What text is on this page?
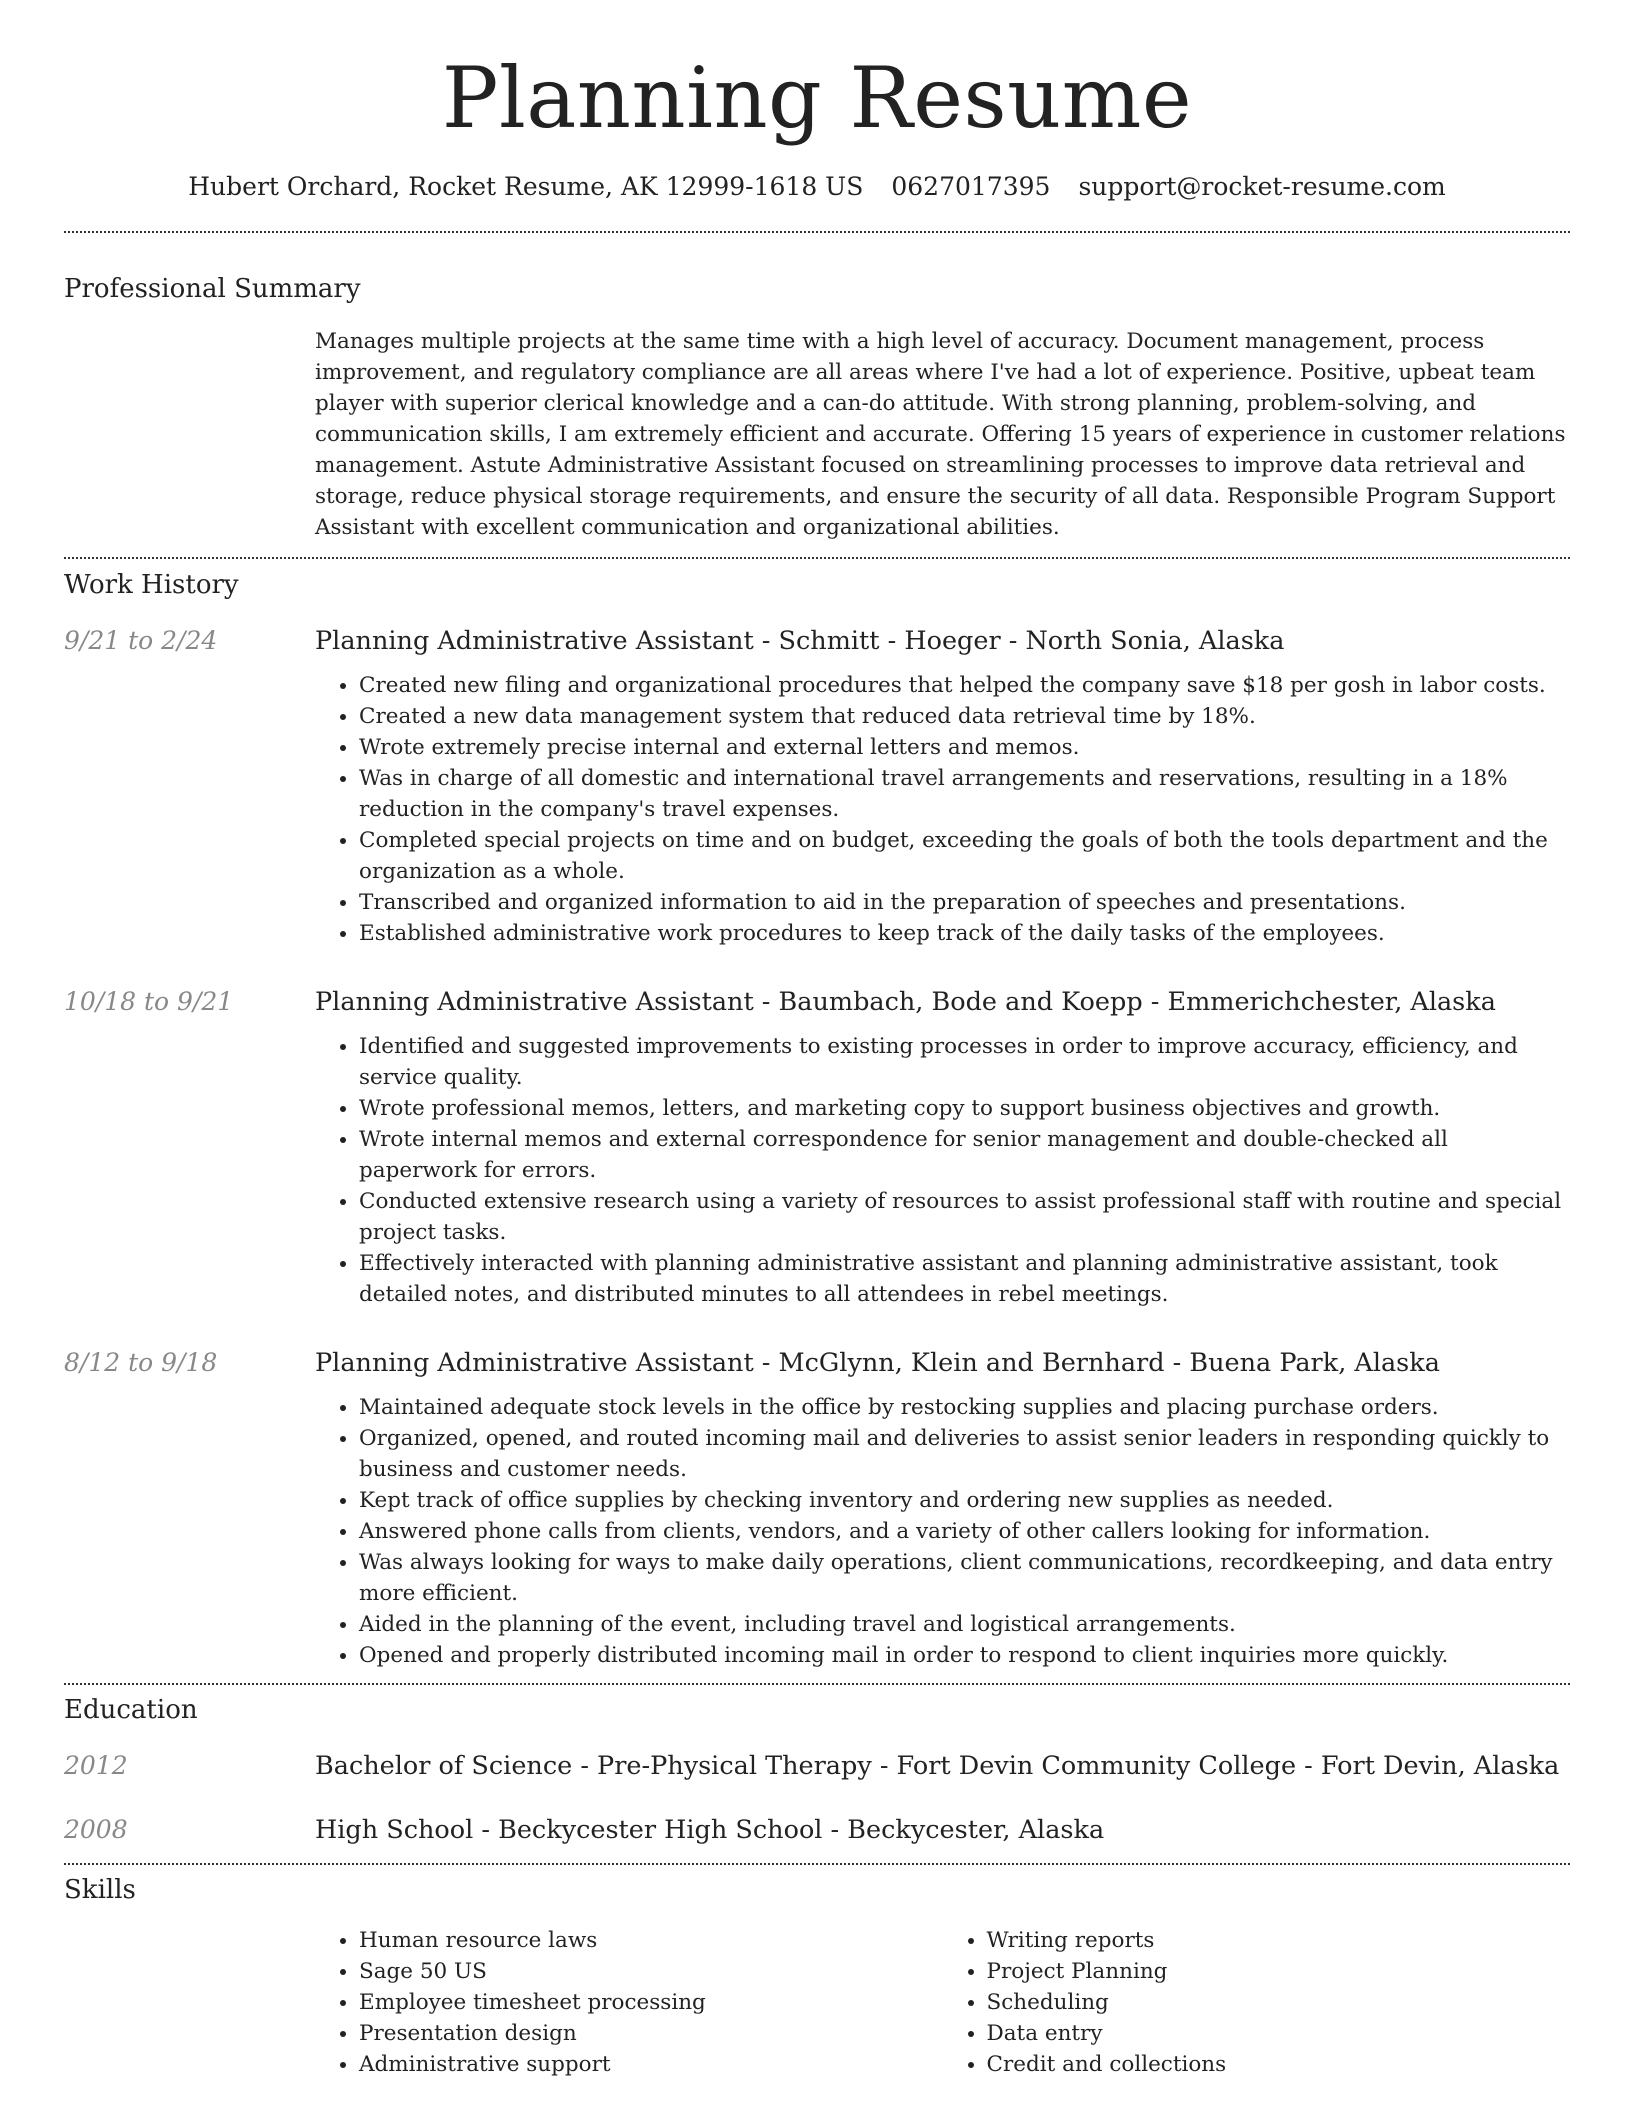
Planning Resume
Hubert Orchard, Rocket Resume, AK 12999-1618 US 0627017395 support@rocket-resume.com
Professional Summary
Manages multiple projects at the same time with a high level of accuracy. Document management, process improvement, and regulatory compliance are all areas where I've had a lot of experience. Positive, upbeat team player with superior clerical knowledge and a can-do attitude. With strong planning, problem-solving, and communication skills, I am extremely efficient and accurate. Offering 15 years of experience in customer relations management. Astute Administrative Assistant focused on streamlining processes to improve data retrieval and storage, reduce physical storage requirements, and ensure the security of all data. Responsible Program Support Assistant with excellent communication and organizational abilities.
Work History
9/21 to 2/24	Planning Administrative Assistant - Schmitt - Hoeger - North Sonia, Alaska
• Created new filing and organizational procedures that helped the company save $18 per gosh in labor costs.
• Created a new data management system that reduced data retrieval time by 18%.
• Wrote extremely precise internal and external letters and memos.
• Was in charge of all domestic and international travel arrangements and reservations, resulting in a 18% reduction in the company's travel expenses.
• Completed special projects on time and on budget, exceeding the goals of both the tools department and the organization as a whole.
• Transcribed and organized information to aid in the preparation of speeches and presentations.
• Established administrative work procedures to keep track of the daily tasks of the employees.
10/18 to 9/21	Planning Administrative Assistant - Baumbach, Bode and Koepp - Emmerichchester, Alaska
• Identified and suggested improvements to existing processes in order to improve accuracy, efficiency, and service quality.
• Wrote professional memos, letters, and marketing copy to support business objectives and growth.
• Wrote internal memos and external correspondence for senior management and double-checked all paperwork for errors.
• Conducted extensive research using a variety of resources to assist professional staff with routine and special project tasks.
• Effectively interacted with planning administrative assistant and planning administrative assistant, took detailed notes, and distributed minutes to all attendees in rebel meetings.
8/12 to 9/18	Planning Administrative Assistant - McGlynn, Klein and Bernhard - Buena Park, Alaska
• Maintained adequate stock levels in the office by restocking supplies and placing purchase orders.
• Organized, opened, and routed incoming mail and deliveries to assist senior leaders in responding quickly to business and customer needs.
• Kept track of office supplies by checking inventory and ordering new supplies as needed.
• Answered phone calls from clients, vendors, and a variety of other callers looking for information.
• Was always looking for ways to make daily operations, client communications, recordkeeping, and data entry more efficient.
• Aided in the planning of the event, including travel and logistical arrangements.
• Opened and properly distributed incoming mail in order to respond to client inquiries more quickly.
Education
2012	Bachelor of Science - Pre-Physical Therapy - Fort Devin Community College - Fort Devin, Alaska
2008	High School - Beckycester High School - Beckycester, Alaska
Skills
• Human resource laws
• Sage 50 US
• Employee timesheet processing
• Presentation design
• Administrative support
• Writing reports
• Project Planning
• Scheduling
• Data entry
• Credit and collections
